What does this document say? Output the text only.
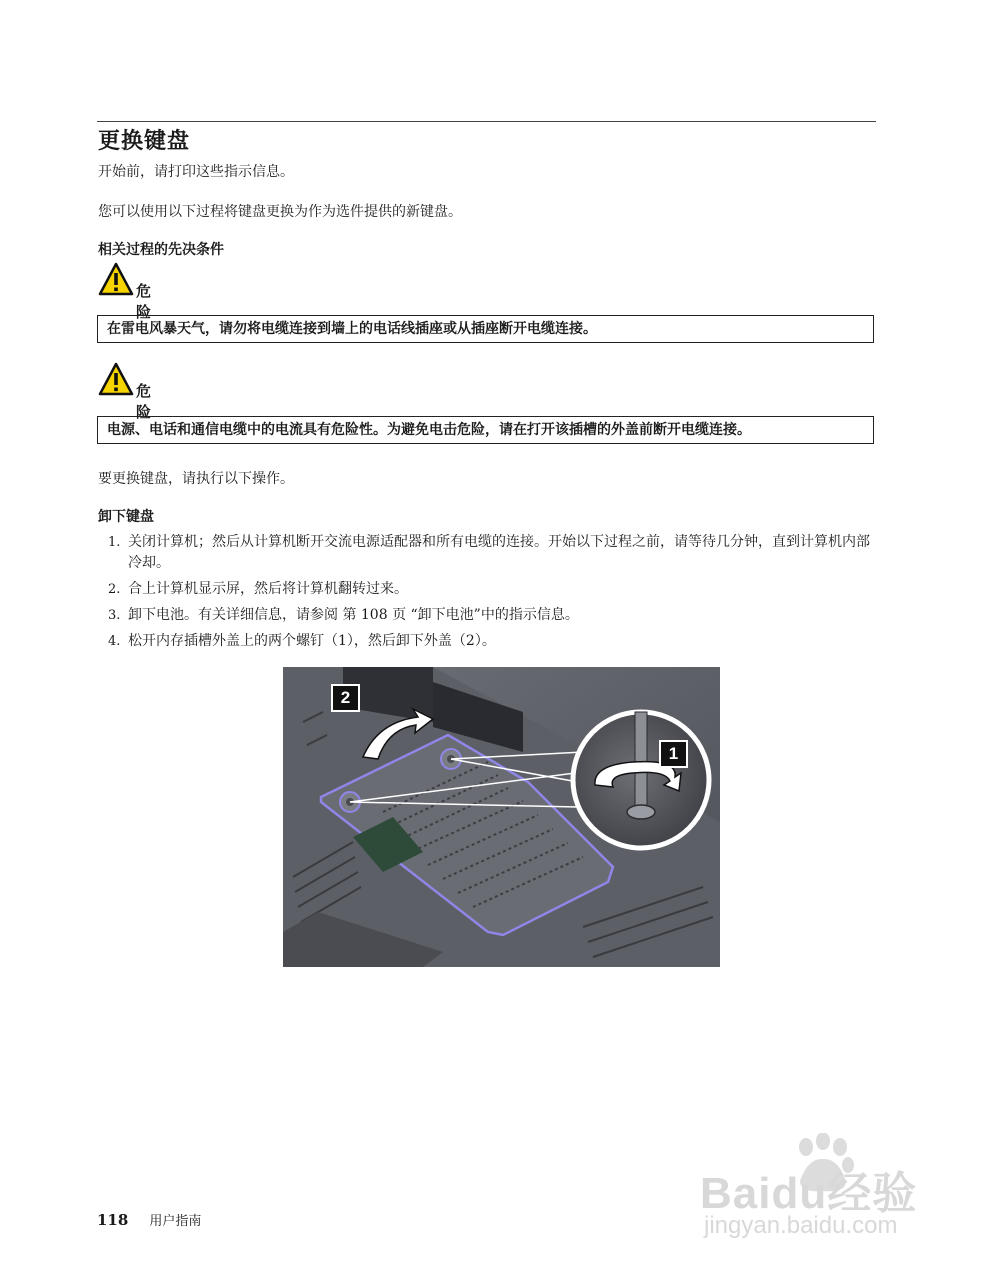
更换键盘
开始前，请打印这些指示信息。
您可以使用以下过程将键盘更换为作为选件提供的新键盘。
相关过程的先决条件
危险
在雷电风暴天气，请勿将电缆连接到墙上的电话线插座或从插座断开电缆连接。
危险
电源、电话和通信电缆中的电流具有危险性。为避免电击危险，请在打开该插槽的外盖前断开电缆连接。
要更换键盘，请执行以下操作。
卸下键盘
1. 关闭计算机；然后从计算机断开交流电源适配器和所有电缆的连接。开始以下过程之前，请等待几分钟，直到计算机内部冷却。
2. 合上计算机显示屏，然后将计算机翻转过来。
3. 卸下电池。有关详细信息，请参阅 第 108 页 “卸下电池”中的指示信息。
4. 松开内存插槽外盖上的两个螺钉（1），然后卸下外盖（2）。
1
2
118 用户指南
Baidu经验
jingyan.baidu.com
